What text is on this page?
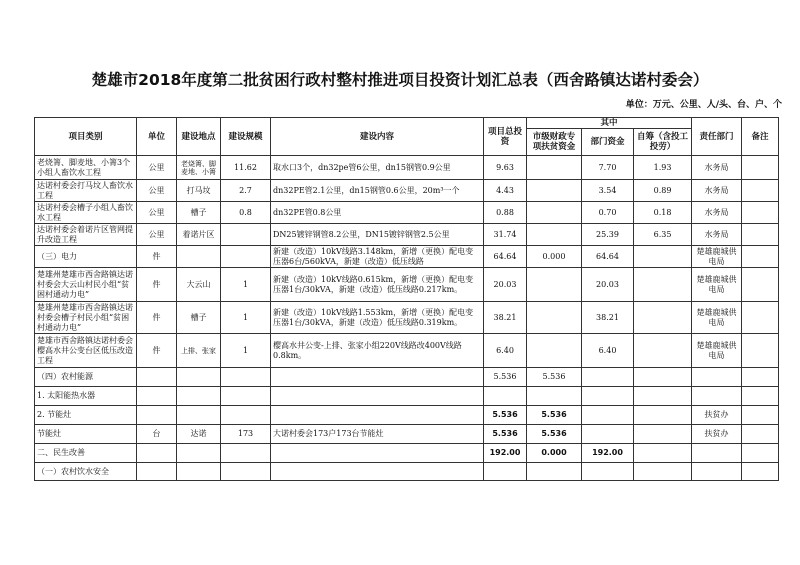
楚雄市2018年度第二批贫困行政村整村推进项目投资计划汇总表（西舍路镇达诺村委会）
单位：万元、公里、人/头、台、户、个
项目类别	单位	建设地点	建设规模	建设内容	项目总投资	其中			责任部门	备注
						市级财政专项扶贫资金	部门资金	自筹（含投工投劳）		

老烧箐、脚麦地、小箐3个小组人畜饮水工程	公里	老烧箐、脚麦地、小箐	11.62	取水口3个，dn32pe管6公里，dn15钢管0.9公里	9.63		7.70	1.93	水务局	

达诺村委会打马坟人畜饮水工程	公里	打马坟	2.7	dn32PE管2.1公里，dn15钢管0.6公里，20m³一个	4.43		3.54	0.89	水务局	

达诺村委会槽子小组人畜饮水工程	公里	槽子	0.8	dn32PE管0.8公里	0.88		0.70	0.18	水务局	

达诺村委会着诺片区管网提升改造工程	公里	着诺片区		DN25镀锌钢管8.2公里，DN15镀锌钢管2.5公里	31.74		25.39	6.35	水务局	

（三）电力	件			新建（改造）10kV线路3.148km，新增（更换）配电变压器6台/560kVA，新建（改造）低压线路	64.64	0.000	64.64		楚雄鹿城供电局	

楚雄州楚雄市西舍路镇达诺村委会大云山村民小组“贫困村通动力电”	件	大云山	1	新建（改造）10kV线路0.615km，新增（更换）配电变压器1台/30kVA，新建（改造）低压线路0.217km。	20.03		20.03		楚雄鹿城供电局	

楚雄州楚雄市西舍路镇达诺村委会槽子村民小组“贫困村通动力电”	件	槽子	1	新建（改造）10kV线路1.553km，新增（更换）配电变压器1台/30kVA，新建（改造）低压线路0.319km。	38.21		38.21		楚雄鹿城供电局	

楚雄市西舍路镇达诺村委会樱高水井公变台区低压改造工程	件	上排、张家	1	樱高水井公变-上排、张家小组220V线路改400V线路0.8km。	6.40		6.40		楚雄鹿城供电局	

（四）农村能源					5.536	5.536				

1. 太阳能热水器										

2. 节能灶					5.536	5.536			扶贫办	

节能灶	台	达诺	173	大诺村委会173户173台节能灶	5.536	5.536			扶贫办	

二、民生改善					192.00	0.000	192.00			

（一）农村饮水安全										
